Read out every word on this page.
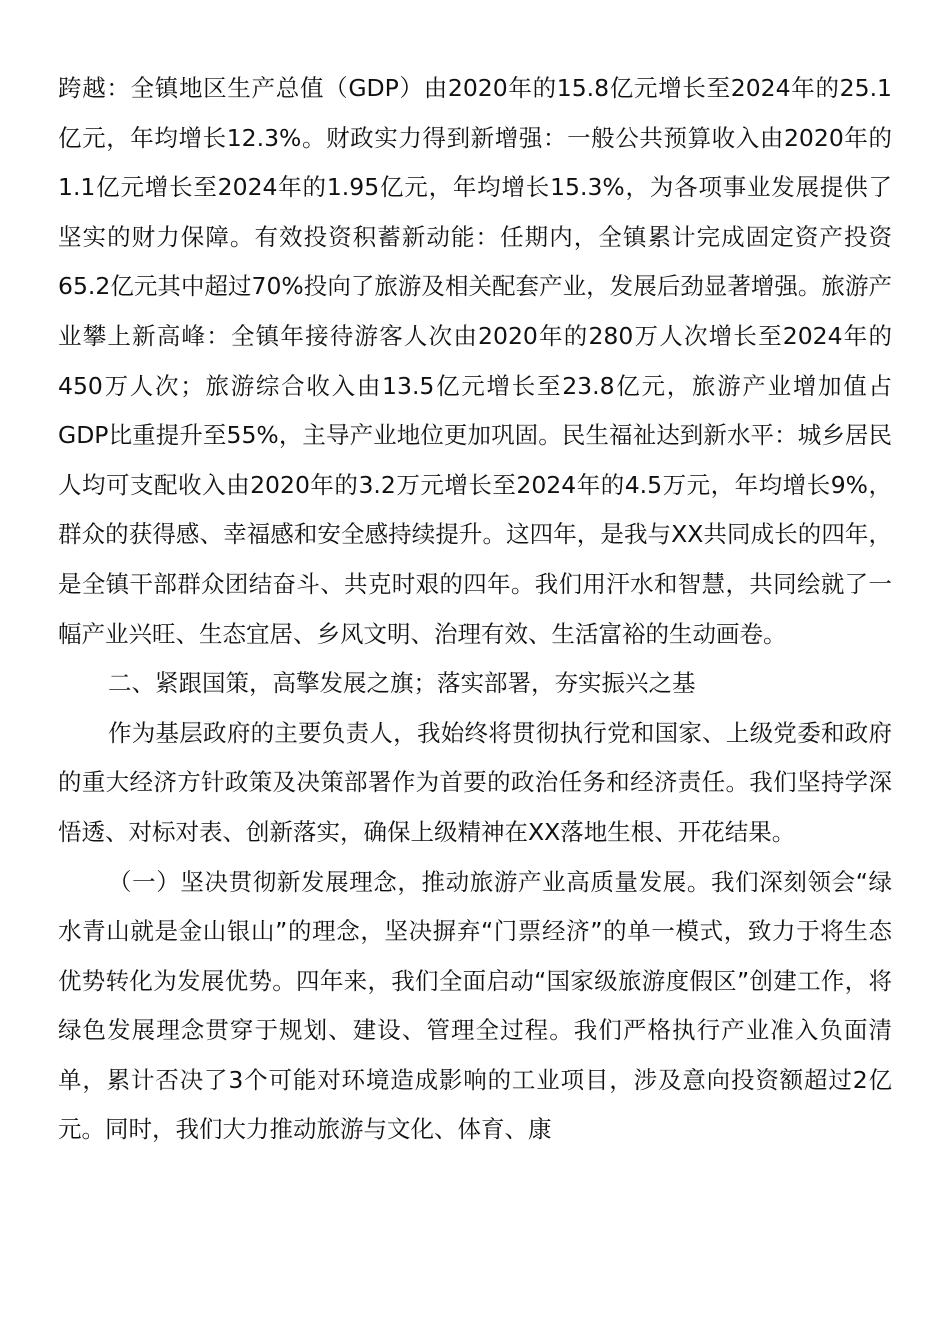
跨越：全镇地区生产总值（GDP）由2020年的15.8亿元增长至2024年的25.1亿元，年均增长12.3%。财政实力得到新增强：一般公共预算收入由2020年的1.1亿元增长至2024年的1.95亿元，年均增长15.3%，为各项事业发展提供了坚实的财力保障。有效投资积蓄新动能：任期内，全镇累计完成固定资产投资65.2亿元其中超过70%投向了旅游及相关配套产业，发展后劲显著增强。旅游产业攀上新高峰：全镇年接待游客人次由2020年的280万人次增长至2024年的450万人次；旅游综合收入由13.5亿元增长至23.8亿元，旅游产业增加值占GDP比重提升至55%，主导产业地位更加巩固。民生福祉达到新水平：城乡居民人均可支配收入由2020年的3.2万元增长至2024年的4.5万元，年均增长9%，群众的获得感、幸福感和安全感持续提升。这四年，是我与XX共同成长的四年，是全镇干部群众团结奋斗、共克时艰的四年。我们用汗水和智慧，共同绘就了一幅产业兴旺、生态宜居、乡风文明、治理有效、生活富裕的生动画卷。

二、紧跟国策，高擎发展之旗；落实部署，夯实振兴之基

作为基层政府的主要负责人，我始终将贯彻执行党和国家、上级党委和政府的重大经济方针政策及决策部署作为首要的政治任务和经济责任。我们坚持学深悟透、对标对表、创新落实，确保上级精神在XX落地生根、开花结果。

（一）坚决贯彻新发展理念，推动旅游产业高质量发展。我们深刻领会“绿水青山就是金山银山”的理念，坚决摒弃“门票经济”的单一模式，致力于将生态优势转化为发展优势。四年来，我们全面启动“国家级旅游度假区”创建工作，将绿色发展理念贯穿于规划、建设、管理全过程。我们严格执行产业准入负面清单，累计否决了3个可能对环境造成影响的工业项目，涉及意向投资额超过2亿元。同时，我们大力推动旅游与文化、体育、康
